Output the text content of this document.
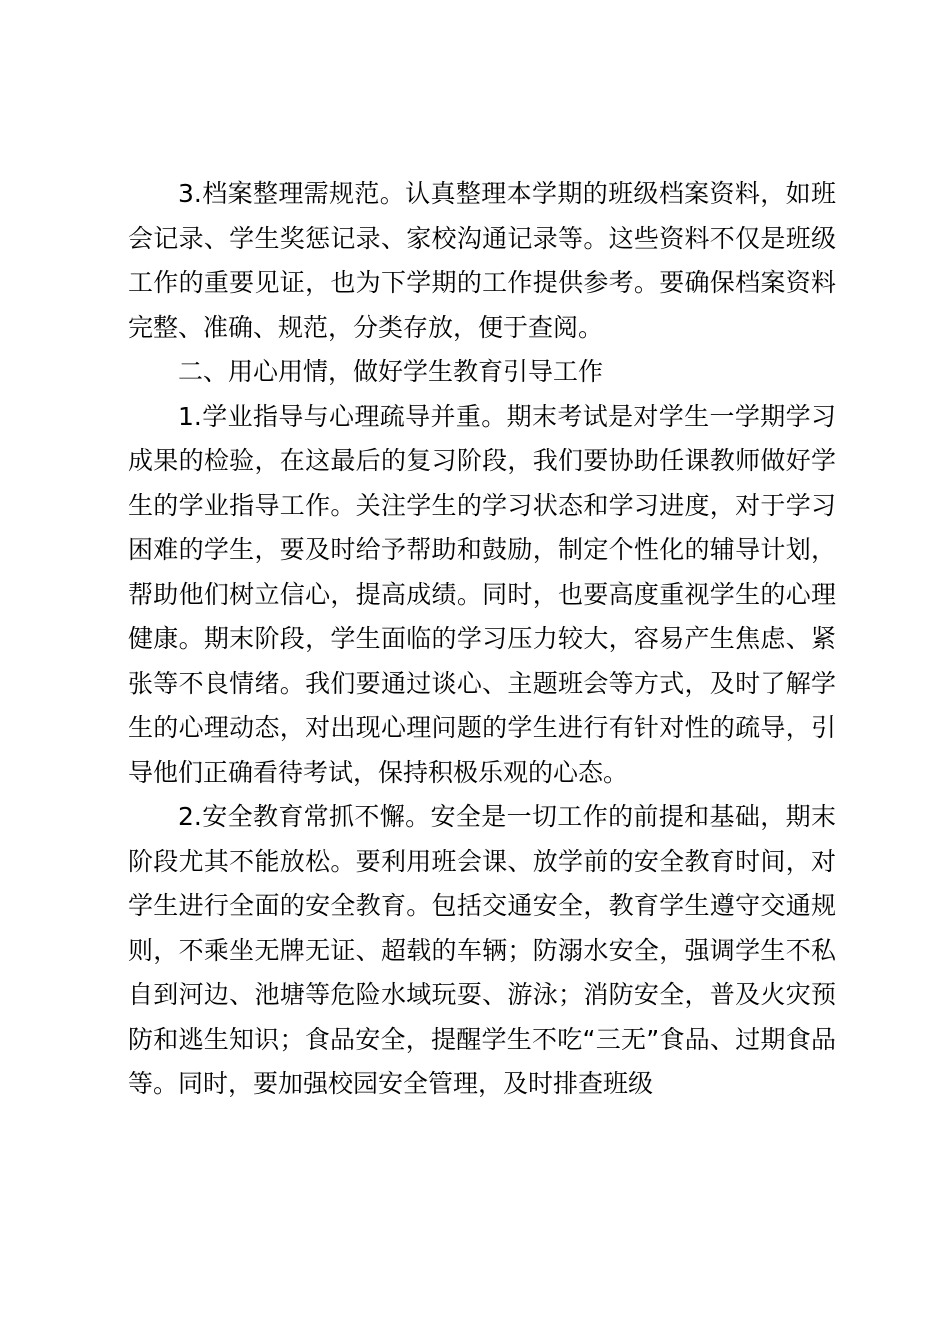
3.档案整理需规范。认真整理本学期的班级档案资料，如班会记录、学生奖惩记录、家校沟通记录等。这些资料不仅是班级工作的重要见证，也为下学期的工作提供参考。要确保档案资料完整、准确、规范，分类存放，便于查阅。

二、用心用情，做好学生教育引导工作

1.学业指导与心理疏导并重。期末考试是对学生一学期学习成果的检验，在这最后的复习阶段，我们要协助任课教师做好学生的学业指导工作。关注学生的学习状态和学习进度，对于学习困难的学生，要及时给予帮助和鼓励，制定个性化的辅导计划，帮助他们树立信心，提高成绩。同时，也要高度重视学生的心理健康。期末阶段，学生面临的学习压力较大，容易产生焦虑、紧张等不良情绪。我们要通过谈心、主题班会等方式，及时了解学生的心理动态，对出现心理问题的学生进行有针对性的疏导，引导他们正确看待考试，保持积极乐观的心态。

2.安全教育常抓不懈。安全是一切工作的前提和基础，期末阶段尤其不能放松。要利用班会课、放学前的安全教育时间，对学生进行全面的安全教育。包括交通安全，教育学生遵守交通规则，不乘坐无牌无证、超载的车辆；防溺水安全，强调学生不私自到河边、池塘等危险水域玩耍、游泳；消防安全，普及火灾预防和逃生知识；食品安全，提醒学生不吃“三无”食品、过期食品等。同时，要加强校园安全管理，及时排查班级
